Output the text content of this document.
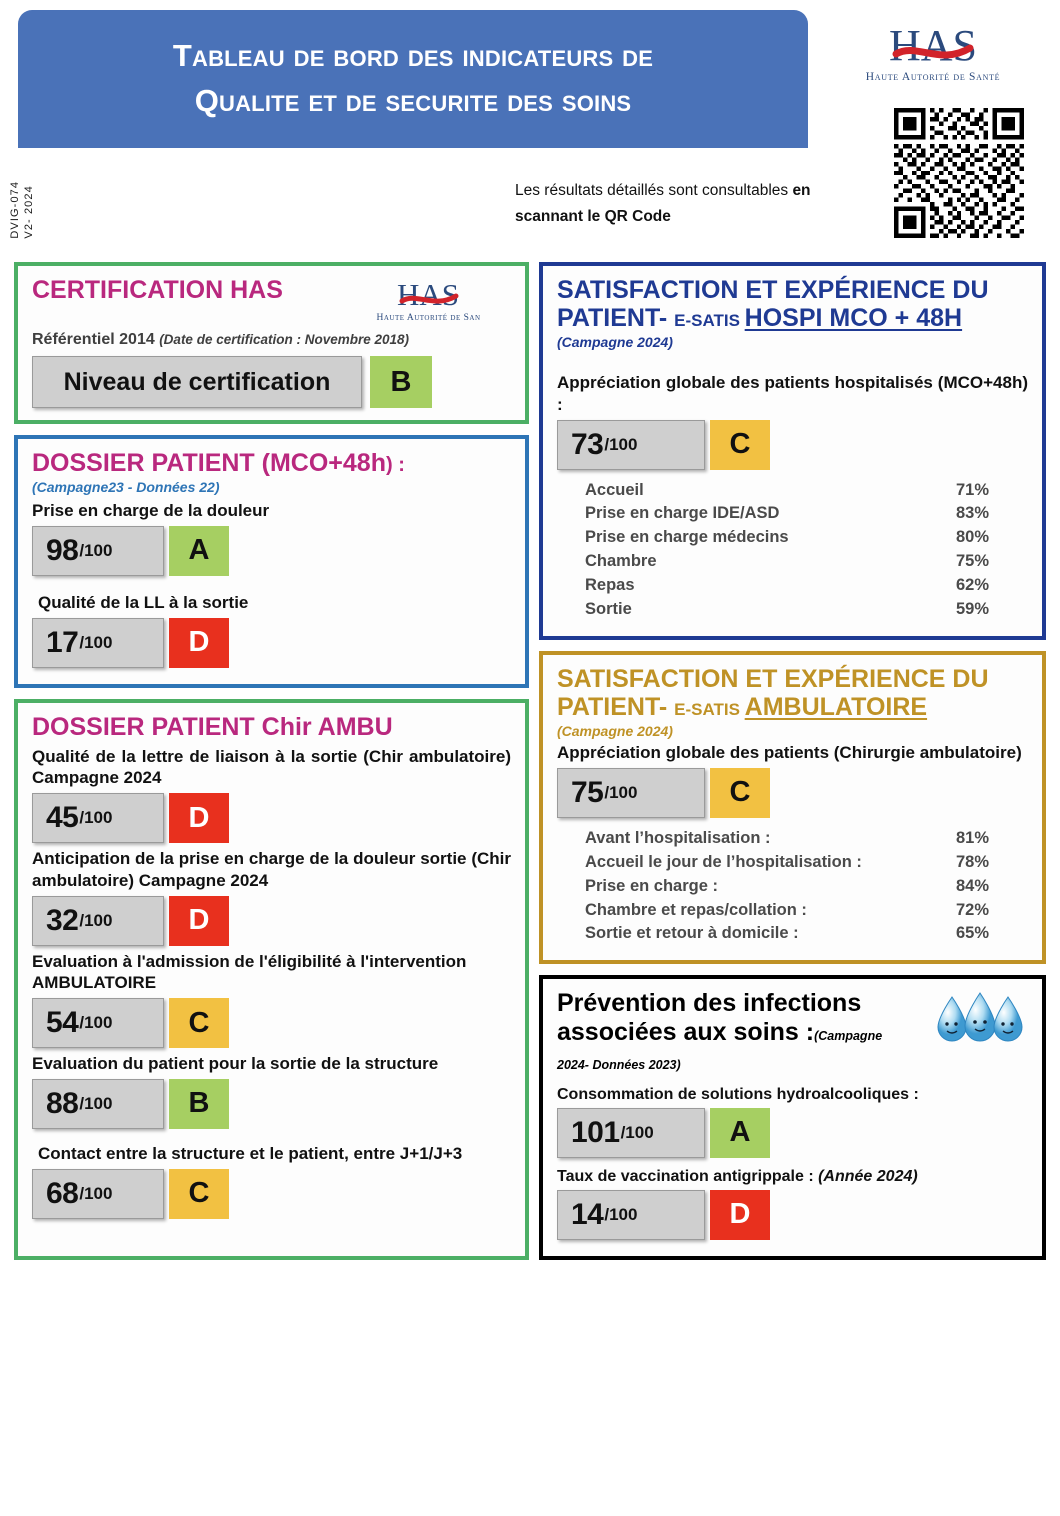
Tableau de bord des indicateurs de
Qualite et de securite des soins
HAS
Haute Autorité de Santé
Les résultats détaillés sont consultables en scannant le QR Code
DVIG-074 V2- 2024
CERTIFICATION HAS	HAS
Haute Autorité de San
Référentiel 2014 (Date de certification : Novembre 2018)
Niveau de certification	B
DOSSIER PATIENT (MCO+48h) :
(Campagne23 - Données 22)
Prise en charge de la douleur
98 /100	A
Qualité de la LL à la sortie
17 /100	D
DOSSIER PATIENT Chir AMBU
Qualité de la lettre de liaison à la sortie (Chir ambulatoire) Campagne 2024
45 /100	D
Anticipation de la prise en charge de la douleur sortie (Chir ambulatoire) Campagne 2024
32 /100	D
Evaluation à l'admission de l'éligibilité à l'intervention AMBULATOIRE
54 /100	C
Evaluation du patient pour la sortie de la structure
88 /100	B
Contact entre la structure et le patient, entre J+1/J+3
68 /100	C
SATISFACTION ET EXPÉRIENCE DU
PATIENT- E-SATIS HOSPI MCO + 48H
(Campagne 2024)
Appréciation globale des patients hospitalisés (MCO+48h) :
73 /100	C
Accueil	71%
Prise en charge IDE/ASD	83%
Prise en charge médecins	80%
Chambre	75%
Repas	62%
Sortie	59%
SATISFACTION ET EXPÉRIENCE DU
PATIENT- E-SATIS AMBULATOIRE
(Campagne 2024)
Appréciation globale des patients (Chirurgie ambulatoire)
75 /100	C
Avant l’hospitalisation :	81%
Accueil le jour de l’hospitalisation :	78%
Prise en charge :	84%
Chambre et repas/collation :	72%
Sortie et retour à domicile :	65%
Prévention des infections
associées aux soins :(Campagne 2024- Données 2023)
Consommation de solutions hydroalcooliques :
101 /100	A
Taux de vaccination antigrippale : (Année 2024)
14 /100	D
